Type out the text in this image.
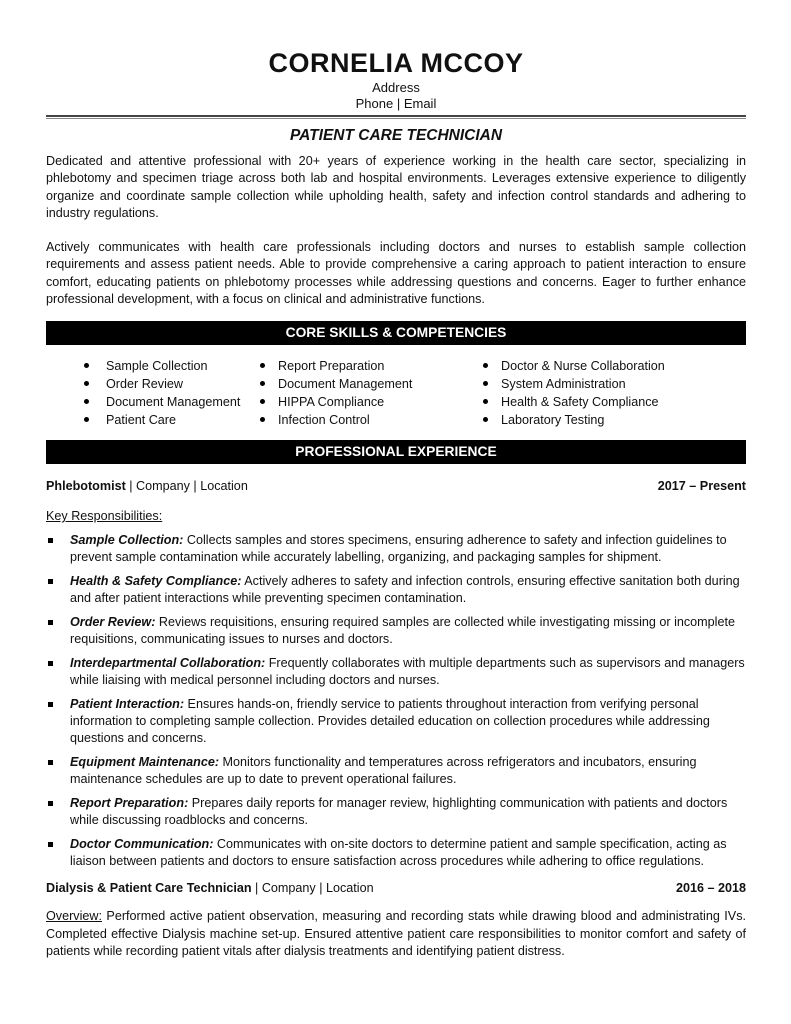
CORNELIA MCCOY
Address
Phone | Email
PATIENT CARE TECHNICIAN

Dedicated and attentive professional with 20+ years of experience working in the health care sector, specializing in phlebotomy and specimen triage across both lab and hospital environments. Leverages extensive experience to diligently organize and coordinate sample collection while upholding health, safety and infection control standards and adhering to industry regulations.

Actively communicates with health care professionals including doctors and nurses to establish sample collection requirements and assess patient needs. Able to provide comprehensive a caring approach to patient interaction to ensure comfort, educating patients on phlebotomy processes while addressing questions and concerns. Eager to further enhance professional development, with a focus on clinical and administrative functions.

CORE SKILLS & COMPETENCIES
Sample Collection
Order Review
Document Management
Patient Care
Report Preparation
Document Management
HIPPA Compliance
Infection Control
Doctor & Nurse Collaboration
System Administration
Health & Safety Compliance
Laboratory Testing
PROFESSIONAL EXPERIENCE
Phlebotomist | Company | Location	2017 – Present
Key Responsibilities:
Sample Collection: Collects samples and stores specimens, ensuring adherence to safety and infection guidelines to prevent sample contamination while accurately labelling, organizing, and packaging samples for shipment.
Health & Safety Compliance: Actively adheres to safety and infection controls, ensuring effective sanitation both during and after patient interactions while preventing specimen contamination.
Order Review: Reviews requisitions, ensuring required samples are collected while investigating missing or incomplete requisitions, communicating issues to nurses and doctors.
Interdepartmental Collaboration: Frequently collaborates with multiple departments such as supervisors and managers while liaising with medical personnel including doctors and nurses.
Patient Interaction: Ensures hands-on, friendly service to patients throughout interaction from verifying personal information to completing sample collection. Provides detailed education on collection procedures while addressing questions and concerns.
Equipment Maintenance: Monitors functionality and temperatures across refrigerators and incubators, ensuring maintenance schedules are up to date to prevent operational failures.
Report Preparation: Prepares daily reports for manager review, highlighting communication with patients and doctors while discussing roadblocks and concerns.
Doctor Communication: Communicates with on-site doctors to determine patient and sample specification, acting as liaison between patients and doctors to ensure satisfaction across procedures while adhering to office regulations.
Dialysis & Patient Care Technician | Company | Location	2016 – 2018

Overview: Performed active patient observation, measuring and recording stats while drawing blood and administrating IVs. Completed effective Dialysis machine set-up. Ensured attentive patient care responsibilities to monitor comfort and safety of patients while recording patient vitals after dialysis treatments and identifying patient distress.
